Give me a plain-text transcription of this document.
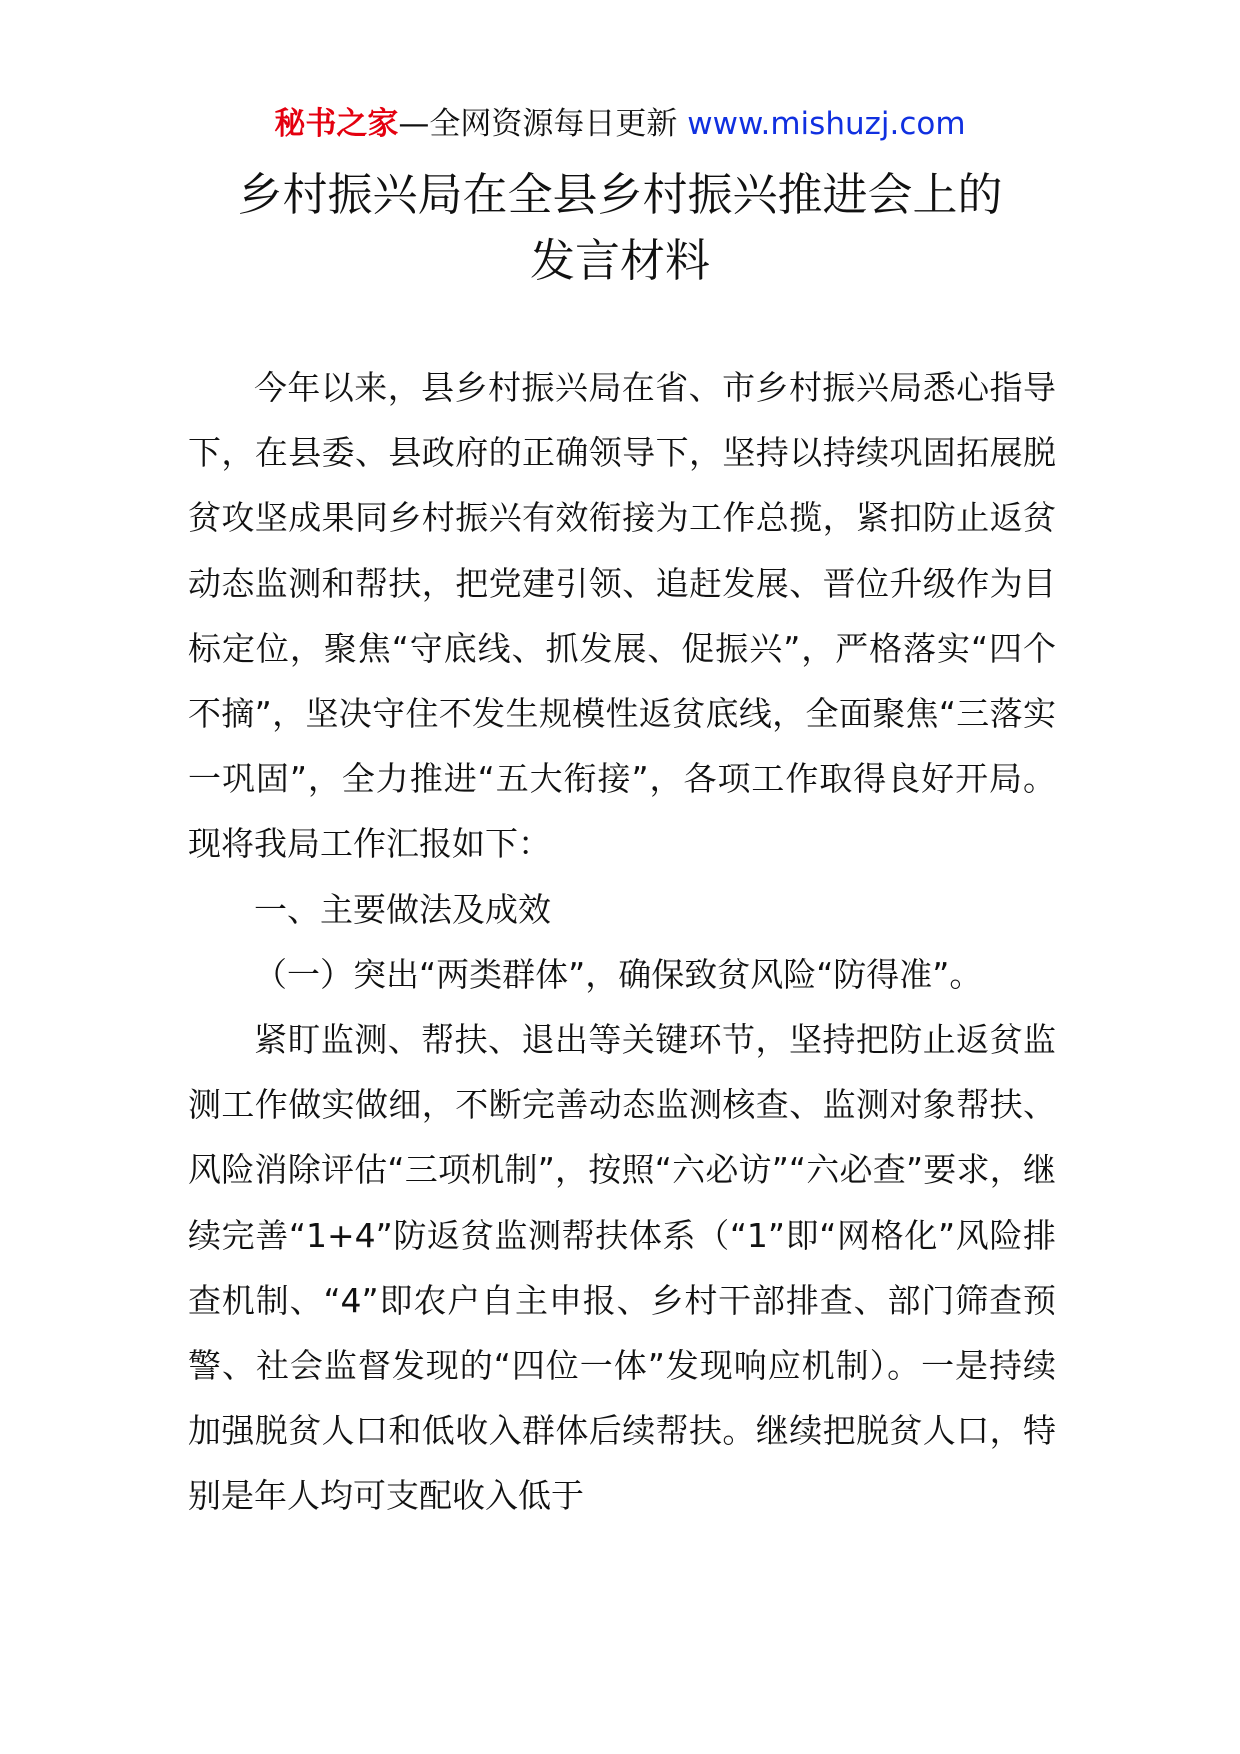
秘书之家—全网资源每日更新 www.mishuzj.com
乡村振兴局在全县乡村振兴推进会上的
发言材料

今年以来，县乡村振兴局在省、市乡村振兴局悉心指导下，在县委、县政府的正确领导下，坚持以持续巩固拓展脱贫攻坚成果同乡村振兴有效衔接为工作总揽，紧扣防止返贫动态监测和帮扶，把党建引领、追赶发展、晋位升级作为目标定位，聚焦“守底线、抓发展、促振兴”，严格落实“四个不摘”，坚决守住不发生规模性返贫底线，全面聚焦“三落实一巩固”，全力推进“五大衔接”，各项工作取得良好开局。现将我局工作汇报如下：

一、主要做法及成效

（一）突出“两类群体”，确保致贫风险“防得准”。

紧盯监测、帮扶、退出等关键环节，坚持把防止返贫监测工作做实做细，不断完善动态监测核查、监测对象帮扶、风险消除评估“三项机制”，按照“六必访”“六必查”要求，继续完善“1+4”防返贫监测帮扶体系（“1”即“网格化”风险排查机制、“4”即农户自主申报、乡村干部排查、部门筛查预警、社会监督发现的“四位一体”发现响应机制）。一是持续加强脱贫人口和低收入群体后续帮扶。继续把脱贫人口，特别是年人均可支配收入低于
